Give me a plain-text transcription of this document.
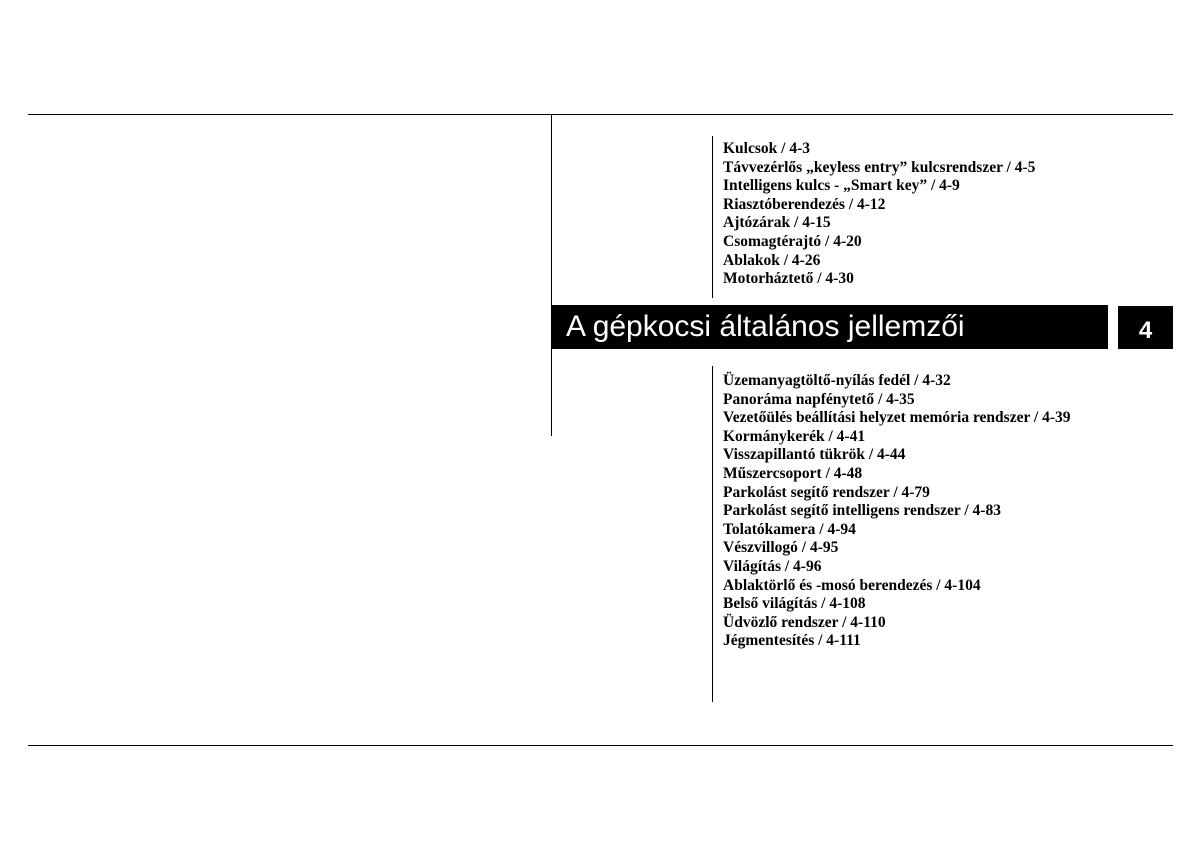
Kulcsok / 4-3
Távvezérlős „keyless entry” kulcsrendszer / 4-5
Intelligens kulcs - „Smart key” / 4-9
Riasztóberendezés / 4-12
Ajtózárak / 4-15
Csomagtérajtó / 4-20
Ablakok / 4-26
Motorháztető / 4-30
A gépkocsi általános jellemzői	4
Üzemanyagtöltő-nyílás fedél / 4-32
Panoráma napfénytető / 4-35
Vezetőülés beállítási helyzet memória rendszer / 4-39
Kormánykerék / 4-41
Visszapillantó tükrök / 4-44
Műszercsoport / 4-48
Parkolást segítő rendszer / 4-79
Parkolást segítő intelligens rendszer / 4-83
Tolatókamera / 4-94
Vészvillogó / 4-95
Világítás / 4-96
Ablaktörlő és -mosó berendezés / 4-104
Belső világítás / 4-108
Üdvözlő rendszer / 4-110
Jégmentesítés / 4-111
